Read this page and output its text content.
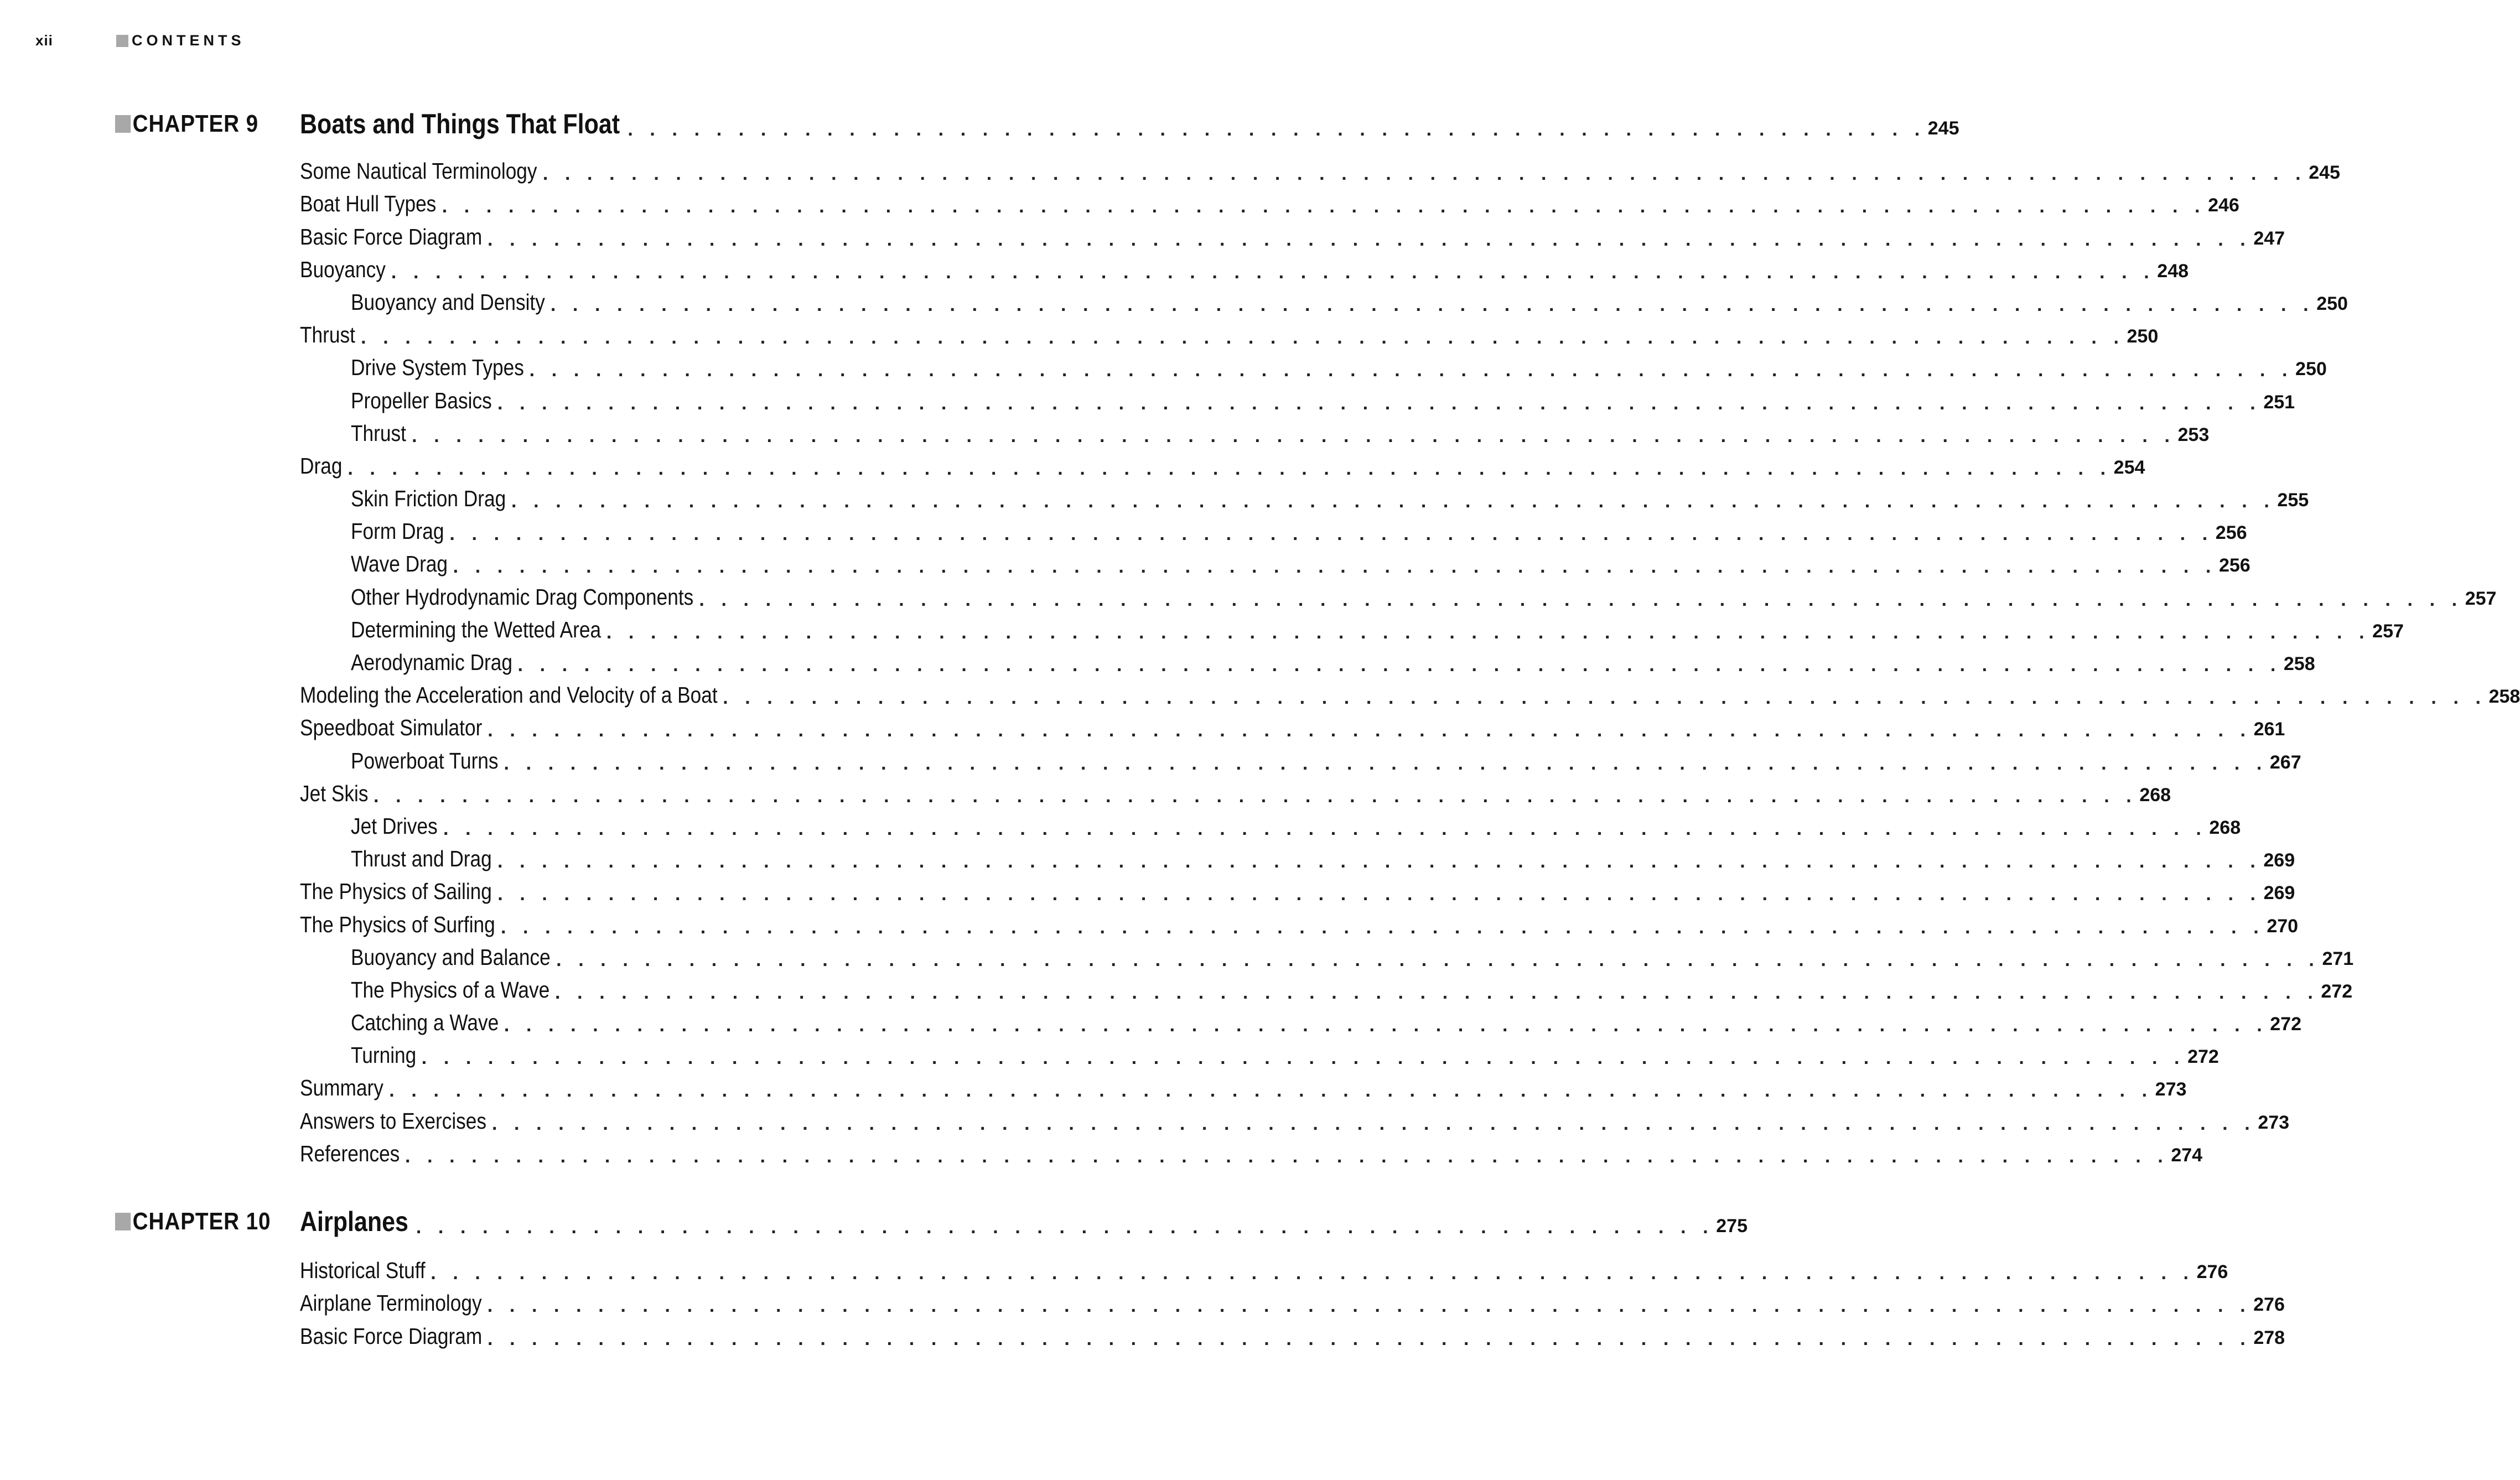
xii	CONTENTS
CHAPTER 9 Boats and Things That Float . . . . . . . . . . . . . . . . . . . . . . . . . . . . . . . . . . . . . . . . . . . . . . . . . . . . . . . . . . . 245
Some Nautical Terminology . . . . . . . . . . . . . . . . . . . . . . . . . . . . . . . . . . . . . . . . . . . . . . . . . . . . . . . . . . . . . . . . . . . . . . . . . . . . . . . . 245
Boat Hull Types . . . . . . . . . . . . . . . . . . . . . . . . . . . . . . . . . . . . . . . . . . . . . . . . . . . . . . . . . . . . . . . . . . . . . . . . . . . . . . . . 246
Basic Force Diagram . . . . . . . . . . . . . . . . . . . . . . . . . . . . . . . . . . . . . . . . . . . . . . . . . . . . . . . . . . . . . . . . . . . . . . . . . . . . . . . . 247
Buoyancy . . . . . . . . . . . . . . . . . . . . . . . . . . . . . . . . . . . . . . . . . . . . . . . . . . . . . . . . . . . . . . . . . . . . . . . . . . . . . . . . 248
Buoyancy and Density . . . . . . . . . . . . . . . . . . . . . . . . . . . . . . . . . . . . . . . . . . . . . . . . . . . . . . . . . . . . . . . . . . . . . . . . . . . . . . . . 250
Thrust . . . . . . . . . . . . . . . . . . . . . . . . . . . . . . . . . . . . . . . . . . . . . . . . . . . . . . . . . . . . . . . . . . . . . . . . . . . . . . . . 250
Drive System Types . . . . . . . . . . . . . . . . . . . . . . . . . . . . . . . . . . . . . . . . . . . . . . . . . . . . . . . . . . . . . . . . . . . . . . . . . . . . . . . . 250
Propeller Basics . . . . . . . . . . . . . . . . . . . . . . . . . . . . . . . . . . . . . . . . . . . . . . . . . . . . . . . . . . . . . . . . . . . . . . . . . . . . . . . . 251
Thrust . . . . . . . . . . . . . . . . . . . . . . . . . . . . . . . . . . . . . . . . . . . . . . . . . . . . . . . . . . . . . . . . . . . . . . . . . . . . . . . . 253
Drag . . . . . . . . . . . . . . . . . . . . . . . . . . . . . . . . . . . . . . . . . . . . . . . . . . . . . . . . . . . . . . . . . . . . . . . . . . . . . . . . 254
Skin Friction Drag . . . . . . . . . . . . . . . . . . . . . . . . . . . . . . . . . . . . . . . . . . . . . . . . . . . . . . . . . . . . . . . . . . . . . . . . . . . . . . . . 255
Form Drag . . . . . . . . . . . . . . . . . . . . . . . . . . . . . . . . . . . . . . . . . . . . . . . . . . . . . . . . . . . . . . . . . . . . . . . . . . . . . . . . 256
Wave Drag . . . . . . . . . . . . . . . . . . . . . . . . . . . . . . . . . . . . . . . . . . . . . . . . . . . . . . . . . . . . . . . . . . . . . . . . . . . . . . . . 256
Other Hydrodynamic Drag Components . . . . . . . . . . . . . . . . . . . . . . . . . . . . . . . . . . . . . . . . . . . . . . . . . . . . . . . . . . . . . . . . . . . . . . . . . . . . . . . . 257
Determining the Wetted Area . . . . . . . . . . . . . . . . . . . . . . . . . . . . . . . . . . . . . . . . . . . . . . . . . . . . . . . . . . . . . . . . . . . . . . . . . . . . . . . . 257
Aerodynamic Drag . . . . . . . . . . . . . . . . . . . . . . . . . . . . . . . . . . . . . . . . . . . . . . . . . . . . . . . . . . . . . . . . . . . . . . . . . . . . . . . . 258
Modeling the Acceleration and Velocity of a Boat . . . . . . . . . . . . . . . . . . . . . . . . . . . . . . . . . . . . . . . . . . . . . . . . . . . . . . . . . . . . . . . . . . . . . . . . . . . . . . . . 258
Speedboat Simulator . . . . . . . . . . . . . . . . . . . . . . . . . . . . . . . . . . . . . . . . . . . . . . . . . . . . . . . . . . . . . . . . . . . . . . . . . . . . . . . . 261
Powerboat Turns . . . . . . . . . . . . . . . . . . . . . . . . . . . . . . . . . . . . . . . . . . . . . . . . . . . . . . . . . . . . . . . . . . . . . . . . . . . . . . . . 267
Jet Skis . . . . . . . . . . . . . . . . . . . . . . . . . . . . . . . . . . . . . . . . . . . . . . . . . . . . . . . . . . . . . . . . . . . . . . . . . . . . . . . . 268
Jet Drives . . . . . . . . . . . . . . . . . . . . . . . . . . . . . . . . . . . . . . . . . . . . . . . . . . . . . . . . . . . . . . . . . . . . . . . . . . . . . . . . 268
Thrust and Drag . . . . . . . . . . . . . . . . . . . . . . . . . . . . . . . . . . . . . . . . . . . . . . . . . . . . . . . . . . . . . . . . . . . . . . . . . . . . . . . . 269
The Physics of Sailing . . . . . . . . . . . . . . . . . . . . . . . . . . . . . . . . . . . . . . . . . . . . . . . . . . . . . . . . . . . . . . . . . . . . . . . . . . . . . . . . 269
The Physics of Surfing . . . . . . . . . . . . . . . . . . . . . . . . . . . . . . . . . . . . . . . . . . . . . . . . . . . . . . . . . . . . . . . . . . . . . . . . . . . . . . . . 270
Buoyancy and Balance . . . . . . . . . . . . . . . . . . . . . . . . . . . . . . . . . . . . . . . . . . . . . . . . . . . . . . . . . . . . . . . . . . . . . . . . . . . . . . . . 271
The Physics of a Wave . . . . . . . . . . . . . . . . . . . . . . . . . . . . . . . . . . . . . . . . . . . . . . . . . . . . . . . . . . . . . . . . . . . . . . . . . . . . . . . . 272
Catching a Wave . . . . . . . . . . . . . . . . . . . . . . . . . . . . . . . . . . . . . . . . . . . . . . . . . . . . . . . . . . . . . . . . . . . . . . . . . . . . . . . . 272
Turning . . . . . . . . . . . . . . . . . . . . . . . . . . . . . . . . . . . . . . . . . . . . . . . . . . . . . . . . . . . . . . . . . . . . . . . . . . . . . . . . 272
Summary . . . . . . . . . . . . . . . . . . . . . . . . . . . . . . . . . . . . . . . . . . . . . . . . . . . . . . . . . . . . . . . . . . . . . . . . . . . . . . . . 273
Answers to Exercises . . . . . . . . . . . . . . . . . . . . . . . . . . . . . . . . . . . . . . . . . . . . . . . . . . . . . . . . . . . . . . . . . . . . . . . . . . . . . . . . 273
References . . . . . . . . . . . . . . . . . . . . . . . . . . . . . . . . . . . . . . . . . . . . . . . . . . . . . . . . . . . . . . . . . . . . . . . . . . . . . . . . 274
CHAPTER 10 Airplanes . . . . . . . . . . . . . . . . . . . . . . . . . . . . . . . . . . . . . . . . . . . . . . . . . . . . . . . . . . . 275
Historical Stuff . . . . . . . . . . . . . . . . . . . . . . . . . . . . . . . . . . . . . . . . . . . . . . . . . . . . . . . . . . . . . . . . . . . . . . . . . . . . . . . . 276
Airplane Terminology . . . . . . . . . . . . . . . . . . . . . . . . . . . . . . . . . . . . . . . . . . . . . . . . . . . . . . . . . . . . . . . . . . . . . . . . . . . . . . . . 276
Basic Force Diagram . . . . . . . . . . . . . . . . . . . . . . . . . . . . . . . . . . . . . . . . . . . . . . . . . . . . . . . . . . . . . . . . . . . . . . . . . . . . . . . . 278
